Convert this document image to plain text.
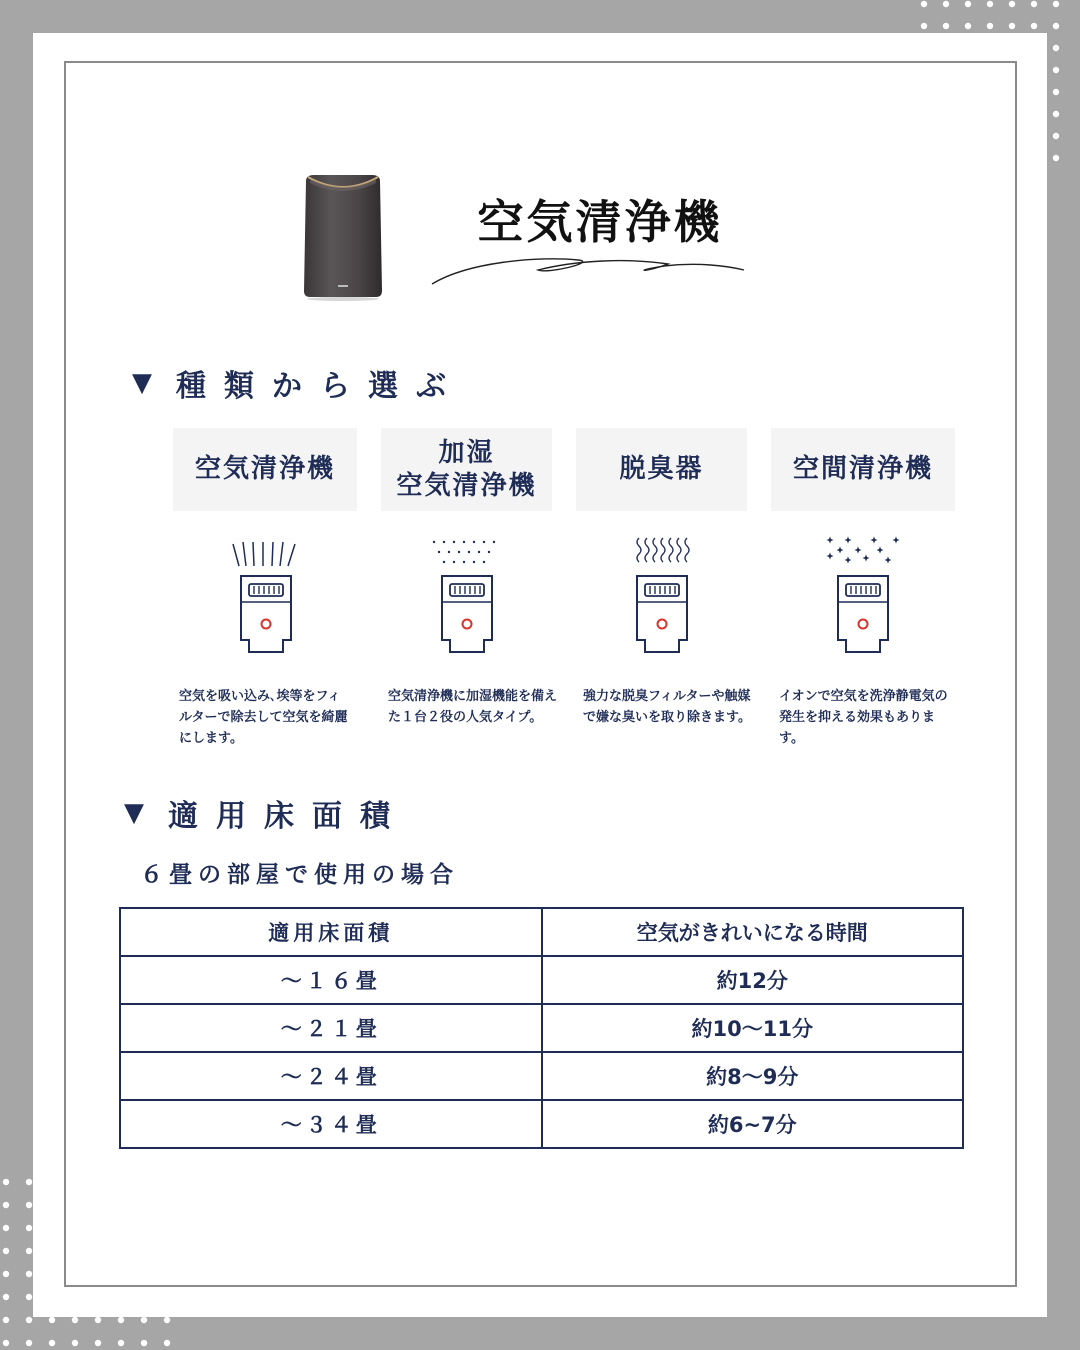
空気清浄機
▼ 種類から選ぶ
空気清浄機
加湿
空気清浄機
脱臭器	空間清浄機
空気を吸い込み､埃等をフィルターで除去して空気を綺麗にします。
空気清浄機に加湿機能を備えた１台２役の人気タイプ。
強力な脱臭フィルターや触媒で嫌な臭いを取り除きます。
イオンで空気を洗浄静電気の発生を抑える効果もあります。
▼ 適用床面積
６畳の部屋で使用の場合
適用床面積	空気がきれいになる時間
～１６畳	約12分
～２１畳	約10〜11分
～２４畳	約8〜9分
～３４畳	約6~7分
